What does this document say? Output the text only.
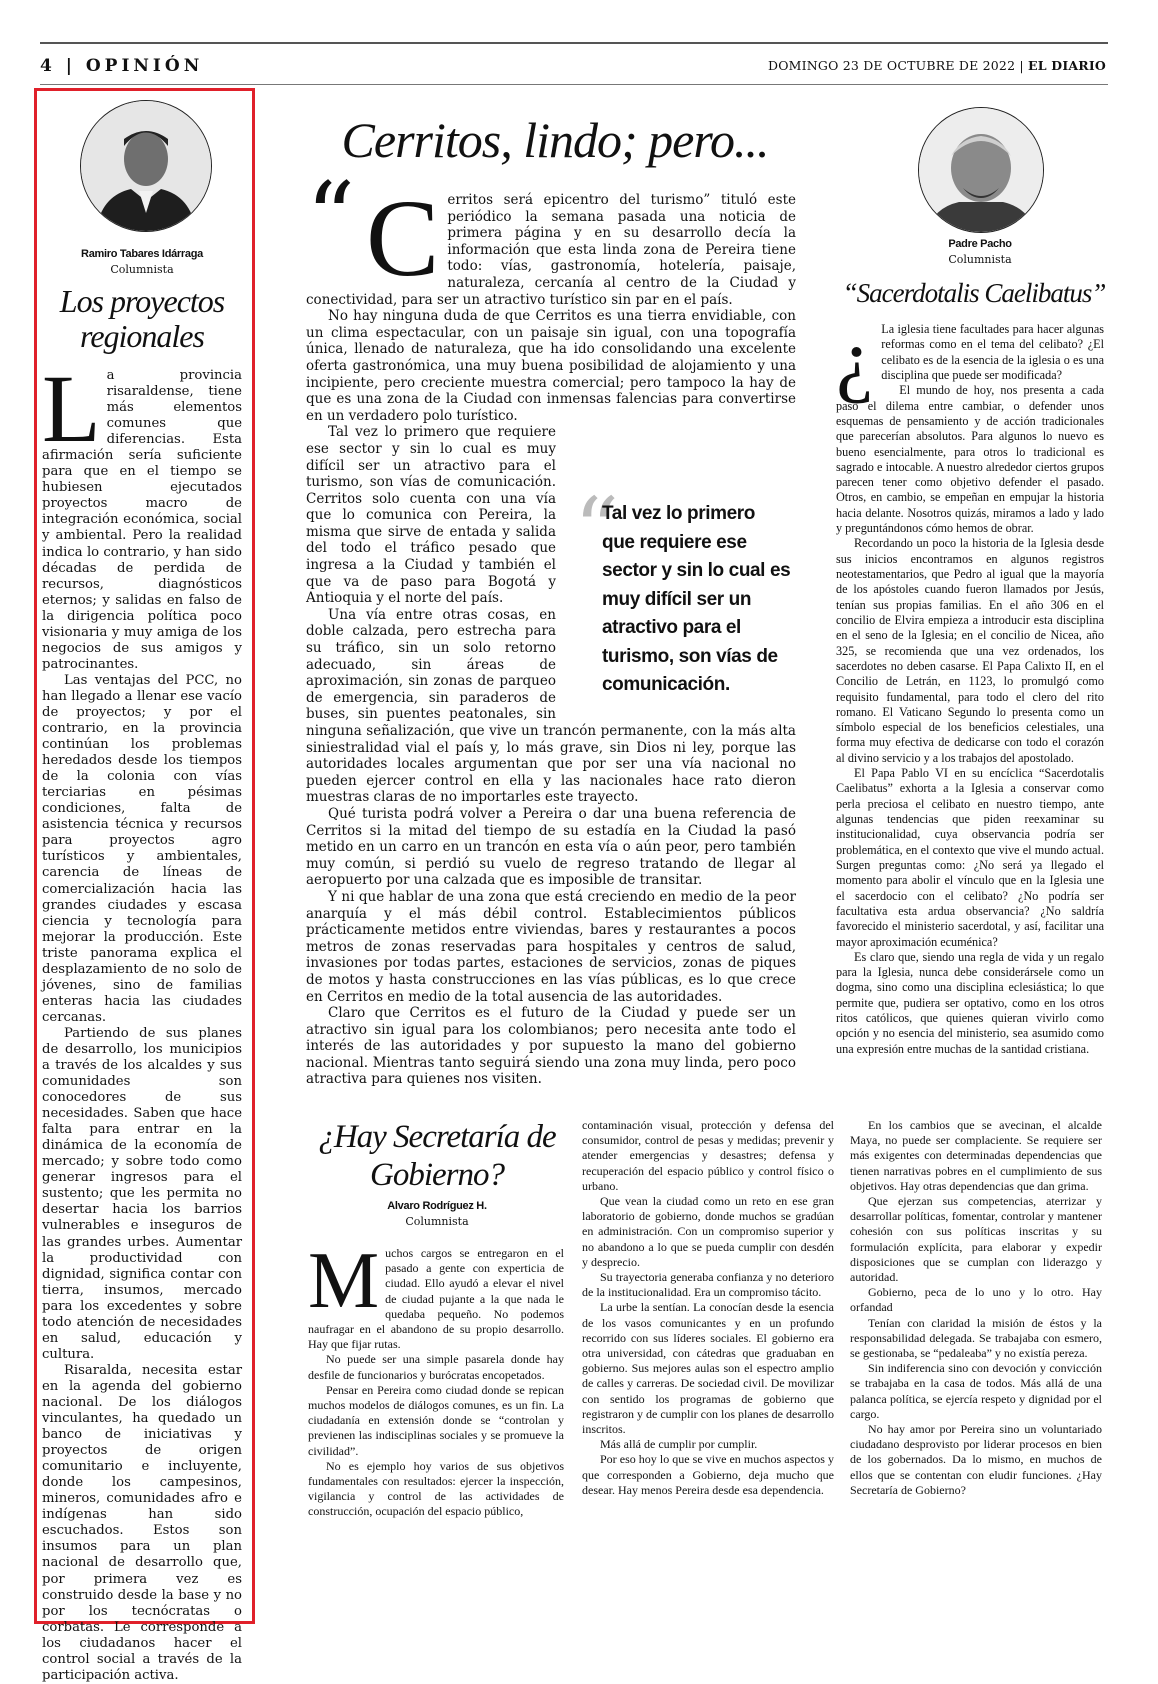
4 | OPINIÓN	DOMINGO 23 DE OCTUBRE DE 2022 | EL DIARIO
Ramiro Tabares Idárraga
Columnista
Los proyectos regionales

La provincia risaraldense, tiene más elementos comunes que diferencias. Esta afirmación sería suficiente para que en el tiempo se hubiesen ejecutados proyectos macro de integración económica, social y ambiental. Pero la realidad indica lo contrario, y han sido décadas de perdida de recursos, diagnósticos eternos; y salidas en falso de la dirigencia política poco visionaria y muy amiga de los negocios de sus amigos y patrocinantes.

Las ventajas del PCC, no han llegado a llenar ese vacío de proyectos; y por el contrario, en la provincia continúan los problemas heredados desde los tiempos de la colonia con vías terciarias en pésimas condiciones, falta de asistencia técnica y recursos para proyectos agro turísticos y ambientales, carencia de líneas de comercialización hacia las grandes ciudades y escasa ciencia y tecnología para mejorar la producción. Este triste panorama explica el desplazamiento de no solo de jóvenes, sino de familias enteras hacia las ciudades cercanas.

Partiendo de sus planes de desarrollo, los municipios a través de los alcaldes y sus comunidades son conocedores de sus necesidades. Saben que hace falta para entrar en la dinámica de la economía de mercado; y sobre todo como generar ingresos para el sustento; que les permita no desertar hacia los barrios vulnerables e inseguros de las grandes urbes. Aumentar la productividad con dignidad, significa contar con tierra, insumos, mercado para los excedentes y sobre todo atención de necesidades en salud, educación y cultura.

Risaralda, necesita estar en la agenda del gobierno nacional. De los diálogos vinculantes, ha quedado un banco de iniciativas y proyectos de origen comunitario e incluyente, donde los campesinos, mineros, comunidades afro e indígenas han sido escuchados. Estos son insumos para un plan nacional de desarrollo que, por primera vez es construido desde la base y no por los tecnócratas o corbatas. Le corresponde a los ciudadanos hacer el control social a través de la participación activa.

Cerritos, lindo; pero...
“ Cerritos será epicentro del turismo” tituló este periódico la semana pasada una noticia de primera página y en su desarrollo decía la información que esta linda zona de Pereira tiene todo: vías, gastronomía, hotelería, paisaje, naturaleza, cercanía al centro de la Ciudad y conectividad, para ser un atractivo turístico sin par en el país.

No hay ninguna duda de que Cerritos es una tierra envidiable, con un clima espectacular, con un paisaje sin igual, con una topografía única, llenado de naturaleza, que ha ido consolidando una excelente oferta gastronómica, una muy buena posibilidad de alojamiento y una incipiente, pero creciente muestra comercial; pero tampoco la hay de que es una zona de la Ciudad con inmensas falencias para convertirse en un verdadero polo turístico.

Tal vez lo primero que requiere ese sector y sin lo cual es muy difícil ser un atractivo para el turismo, son vías de comunicación. Cerritos solo cuenta con una vía que lo comunica con Pereira, la misma que sirve de entada y salida del todo el tráfico pesado que ingresa a la Ciudad y también el que va de paso para Bogotá y Antioquia y el norte del país.

Una vía entre otras cosas, en doble calzada, pero estrecha para su tráfico, sin un solo retorno adecuado, sin áreas de aproximación, sin zonas de parqueo de emergencia, sin paraderos de buses, sin puentes peatonales, sin ninguna señalización, que vive un trancón permanente, con la más alta siniestralidad vial el país y, lo más grave, sin Dios ni ley, porque las autoridades locales argumentan que por ser una vía nacional no pueden ejercer control en ella y las nacionales hace rato dieron muestras claras de no importarles este trayecto.

Qué turista podrá volver a Pereira o dar una buena referencia de Cerritos si la mitad del tiempo de su estadía en la Ciudad la pasó metido en un carro en un trancón en esta vía o aún peor, pero también muy común, si perdió su vuelo de regreso tratando de llegar al aeropuerto por una calzada que es imposible de transitar.

Y ni que hablar de una zona que está creciendo en medio de la peor anarquía y el más débil control. Establecimientos públicos prácticamente metidos entre viviendas, bares y restaurantes a pocos metros de zonas reservadas para hospitales y centros de salud, invasiones por todas partes, estaciones de servicios, zonas de piques de motos y hasta construcciones en las vías públicas, es lo que crece en Cerritos en medio de la total ausencia de las autoridades.

Claro que Cerritos es el futuro de la Ciudad y puede ser un atractivo sin igual para los colombianos; pero necesita ante todo el interés de las autoridades y por supuesto la mano del gobierno nacional. Mientras tanto seguirá siendo una zona muy linda, pero poco atractiva para quienes nos visiten.

“
Tal vez lo primero que requiere ese sector y sin lo cual es muy difícil ser un atractivo para el turismo, son vías de comunicación.
Padre Pacho
Columnista
“Sacerdotalis Caelibatus”

¿ La iglesia tiene facultades para hacer algunas reformas como en el tema del celibato? ¿El celibato es de la esencia de la iglesia o es una disciplina que puede ser modificada?

El mundo de hoy, nos presenta a cada paso el dilema entre cambiar, o defender unos esquemas de pensamiento y de acción tradicionales que parecerían absolutos. Para algunos lo nuevo es bueno esencialmente, para otros lo tradicional es sagrado e intocable. A nuestro alrededor ciertos grupos parecen tener como objetivo defender el pasado. Otros, en cambio, se empeñan en empujar la historia hacia delante. Nosotros quizás, miramos a lado y lado y preguntándonos cómo hemos de obrar.

Recordando un poco la historia de la Iglesia desde sus inicios encontramos en algunos registros neotestamentarios, que Pedro al igual que la mayoría de los apóstoles cuando fueron llamados por Jesús, tenían sus propias familias. En el año 306 en el concilio de Elvira empieza a introducir esta disciplina en el seno de la Iglesia; en el concilio de Nicea, año 325, se recomienda que una vez ordenados, los sacerdotes no deben casarse. El Papa Calixto II, en el Concilio de Letrán, en 1123, lo promulgó como requisito fundamental, para todo el clero del rito romano. El Vaticano Segundo lo presenta como un símbolo especial de los beneficios celestiales, una forma muy efectiva de dedicarse con todo el corazón al divino servicio y a los trabajos del apostolado.

El Papa Pablo VI en su encíclica “Sacerdotalis Caelibatus” exhorta a la Iglesia a conservar como perla preciosa el celibato en nuestro tiempo, ante algunas tendencias que piden reexaminar su institucionalidad, cuya observancia podría ser problemática, en el contexto que vive el mundo actual. Surgen preguntas como: ¿No será ya llegado el momento para abolir el vínculo que en la Iglesia une el sacerdocio con el celibato? ¿No podría ser facultativa esta ardua observancia? ¿No saldría favorecido el ministerio sacerdotal, y así, facilitar una mayor aproximación ecuménica?

Es claro que, siendo una regla de vida y un regalo para la Iglesia, nunca debe considerársele como un dogma, sino como una disciplina eclesiástica; lo que permite que, pudiera ser optativo, como en los otros ritos católicos, que quienes quieran vivirlo como opción y no esencia del ministerio, sea asumido como una expresión entre muchas de la santidad cristiana.

¿Hay Secretaría de Gobierno?
Alvaro Rodríguez H.
Columnista

Muchos cargos se entregaron en el pasado a gente con experticia de ciudad. Ello ayudó a elevar el nivel de ciudad pujante a la que nada le quedaba pequeño. No podemos naufragar en el abandono de su propio desarrollo. Hay que fijar rutas.

No puede ser una simple pasarela donde hay desfile de funcionarios y burócratas encopetados.

Pensar en Pereira como ciudad donde se repican muchos modelos de diálogos comunes, es un fin. La ciudadanía en extensión donde se “controlan y previenen las indisciplinas sociales y se promueve la civilidad”.

No es ejemplo hoy varios de sus objetivos fundamentales con resultados: ejercer la inspección, vigilancia y control de las actividades de construcción, ocupación del espacio público,

contaminación visual, protección y defensa del consumidor, control de pesas y medidas; prevenir y atender emergencias y desastres; defensa y recuperación del espacio público y control físico o urbano.

Que vean la ciudad como un reto en ese gran laboratorio de gobierno, donde muchos se gradúan en administración. Con un compromiso superior y no abandono a lo que se pueda cumplir con desdén y desprecio.

Su trayectoria generaba confianza y no deterioro de la institucionalidad. Era un compromiso tácito.

La urbe la sentían. La conocían desde la esencia de los vasos comunicantes y en un profundo recorrido con sus líderes sociales. El gobierno era otra universidad, con cátedras que graduaban en gobierno. Sus mejores aulas son el espectro amplio de calles y carreras. De sociedad civil. De movilizar con sentido los programas de gobierno que registraron y de cumplir con los planes de desarrollo inscritos.

Más allá de cumplir por cumplir.

Por eso hoy lo que se vive en muchos aspectos y que corresponden a Gobierno, deja mucho que desear. Hay menos Pereira desde esa dependencia.

En los cambios que se avecinan, el alcalde Maya, no puede ser complaciente. Se requiere ser más exigentes con determinadas dependencias que tienen narrativas pobres en el cumplimiento de sus objetivos. Hay otras dependencias que dan grima.

Que ejerzan sus competencias, aterrizar y desarrollar políticas, fomentar, controlar y mantener cohesión con sus políticas inscritas y su formulación explícita, para elaborar y expedir disposiciones que se cumplan con liderazgo y autoridad.

Gobierno, peca de lo uno y lo otro. Hay orfandad

Tenían con claridad la misión de éstos y la responsabilidad delegada. Se trabajaba con esmero, se gestionaba, se “pedaleaba” y no existía pereza.

Sin indiferencia sino con devoción y convicción se trabajaba en la casa de todos. Más allá de una palanca política, se ejercía respeto y dignidad por el cargo.

No hay amor por Pereira sino un voluntariado ciudadano desprovisto por liderar procesos en bien de los gobernados. Da lo mismo, en muchos de ellos que se contentan con eludir funciones. ¿Hay Secretaría de Gobierno?
